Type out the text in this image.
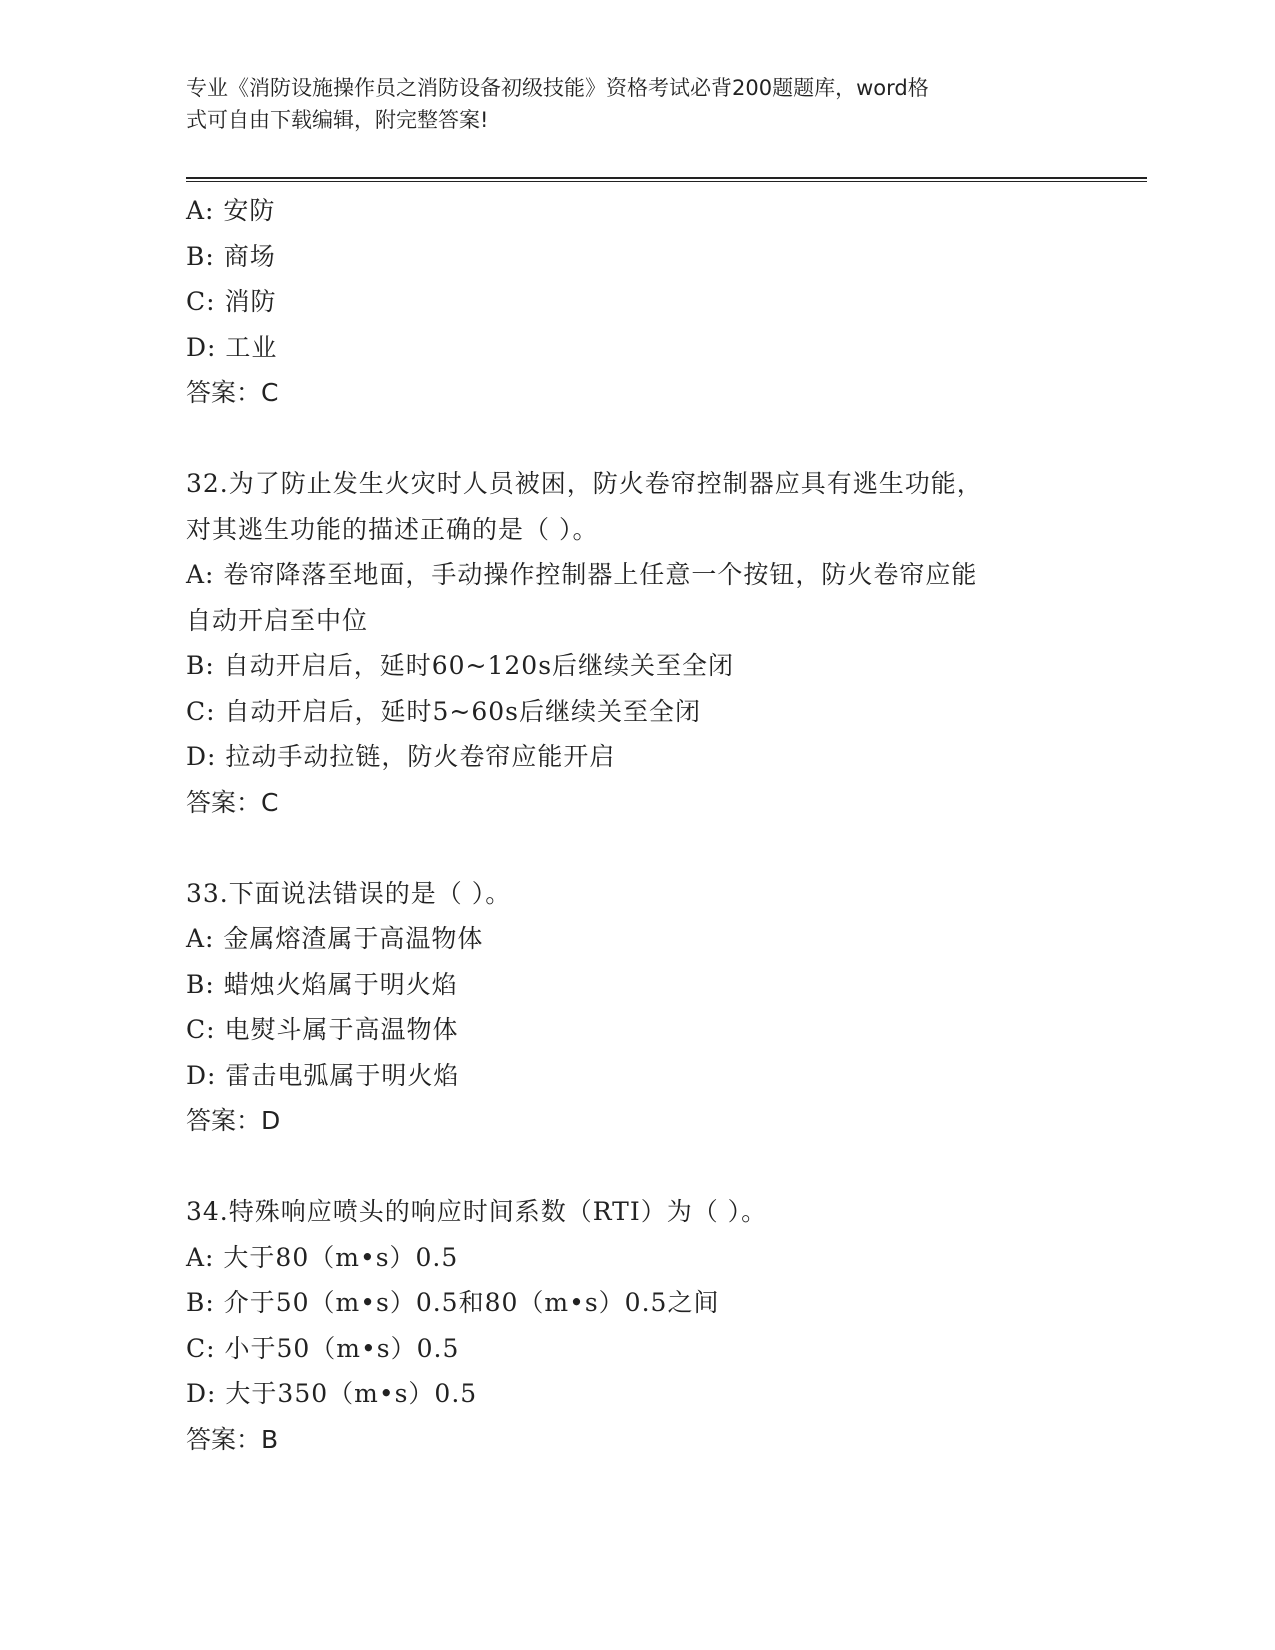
专业《消防设施操作员之消防设备初级技能》资格考试必背200题题库，word格
式可自由下载编辑，附完整答案!
A: 安防
B: 商场
C: 消防
D: 工业
答案：C
32.为了防止发生火灾时人员被困，防火卷帘控制器应具有逃生功能，
对其逃生功能的描述正确的是（ ）。
A: 卷帘降落至地面，手动操作控制器上任意一个按钮，防火卷帘应能
自动开启至中位
B: 自动开启后，延时60~120s后继续关至全闭
C: 自动开启后，延时5~60s后继续关至全闭
D: 拉动手动拉链，防火卷帘应能开启
答案：C
33.下面说法错误的是（ ）。
A: 金属熔渣属于高温物体
B: 蜡烛火焰属于明火焰
C: 电熨斗属于高温物体
D: 雷击电弧属于明火焰
答案：D
34.特殊响应喷头的响应时间系数（RTI）为（ ）。
A: 大于80（m•s）0.5
B: 介于50（m•s）0.5和80（m•s）0.5之间
C: 小于50（m•s）0.5
D: 大于350（m•s）0.5
答案：B
